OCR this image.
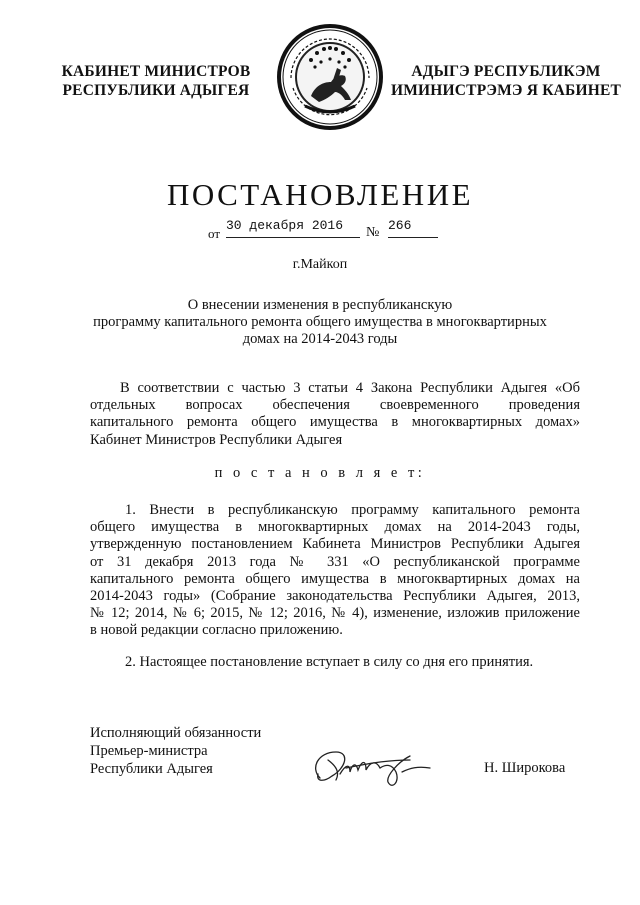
КАБИНЕТ МИНИСТРОВ
РЕСПУБЛИКИ АДЫГЕЯ
АДЫГЭ РЕСПУБЛИКЭМ
ИМИНИСТРЭМЭ Я КАБИНЕТ
ПОСТАНОВЛЕНИЕ
от
30 декабря 2016	№ 266
г.Майкоп
О внесении изменения в республиканскую
программу капитального ремонта общего имущества в многоквартирных
домах на 2014-2043 годы
В соответствии с частью 3 статьи 4 Закона Республики Адыгея «Об
отдельных вопросах обеспечения своевременного проведения
капитального ремонта общего имущества в многоквартирных домах»
Кабинет Министров Республики Адыгея
п о с т а н о в л я е т:
1. Внести в республиканскую программу капитального ремонта
общего имущества в многоквартирных домах на 2014-2043 годы,
утвержденную постановлением Кабинета Министров Республики Адыгея
от 31 декабря 2013 года № 331 «О республиканской программе
капитального ремонта общего имущества в многоквартирных домах на
2014-2043 годы» (Собрание законодательства Республики Адыгея, 2013,
№ 12; 2014, № 6; 2015, № 12; 2016, № 4), изменение, изложив приложение
в новой редакции согласно приложению.
2. Настоящее постановление вступает в силу со дня его принятия.
Исполняющий обязанности
Премьер-министра
Республики Адыгея	Н. Широкова
